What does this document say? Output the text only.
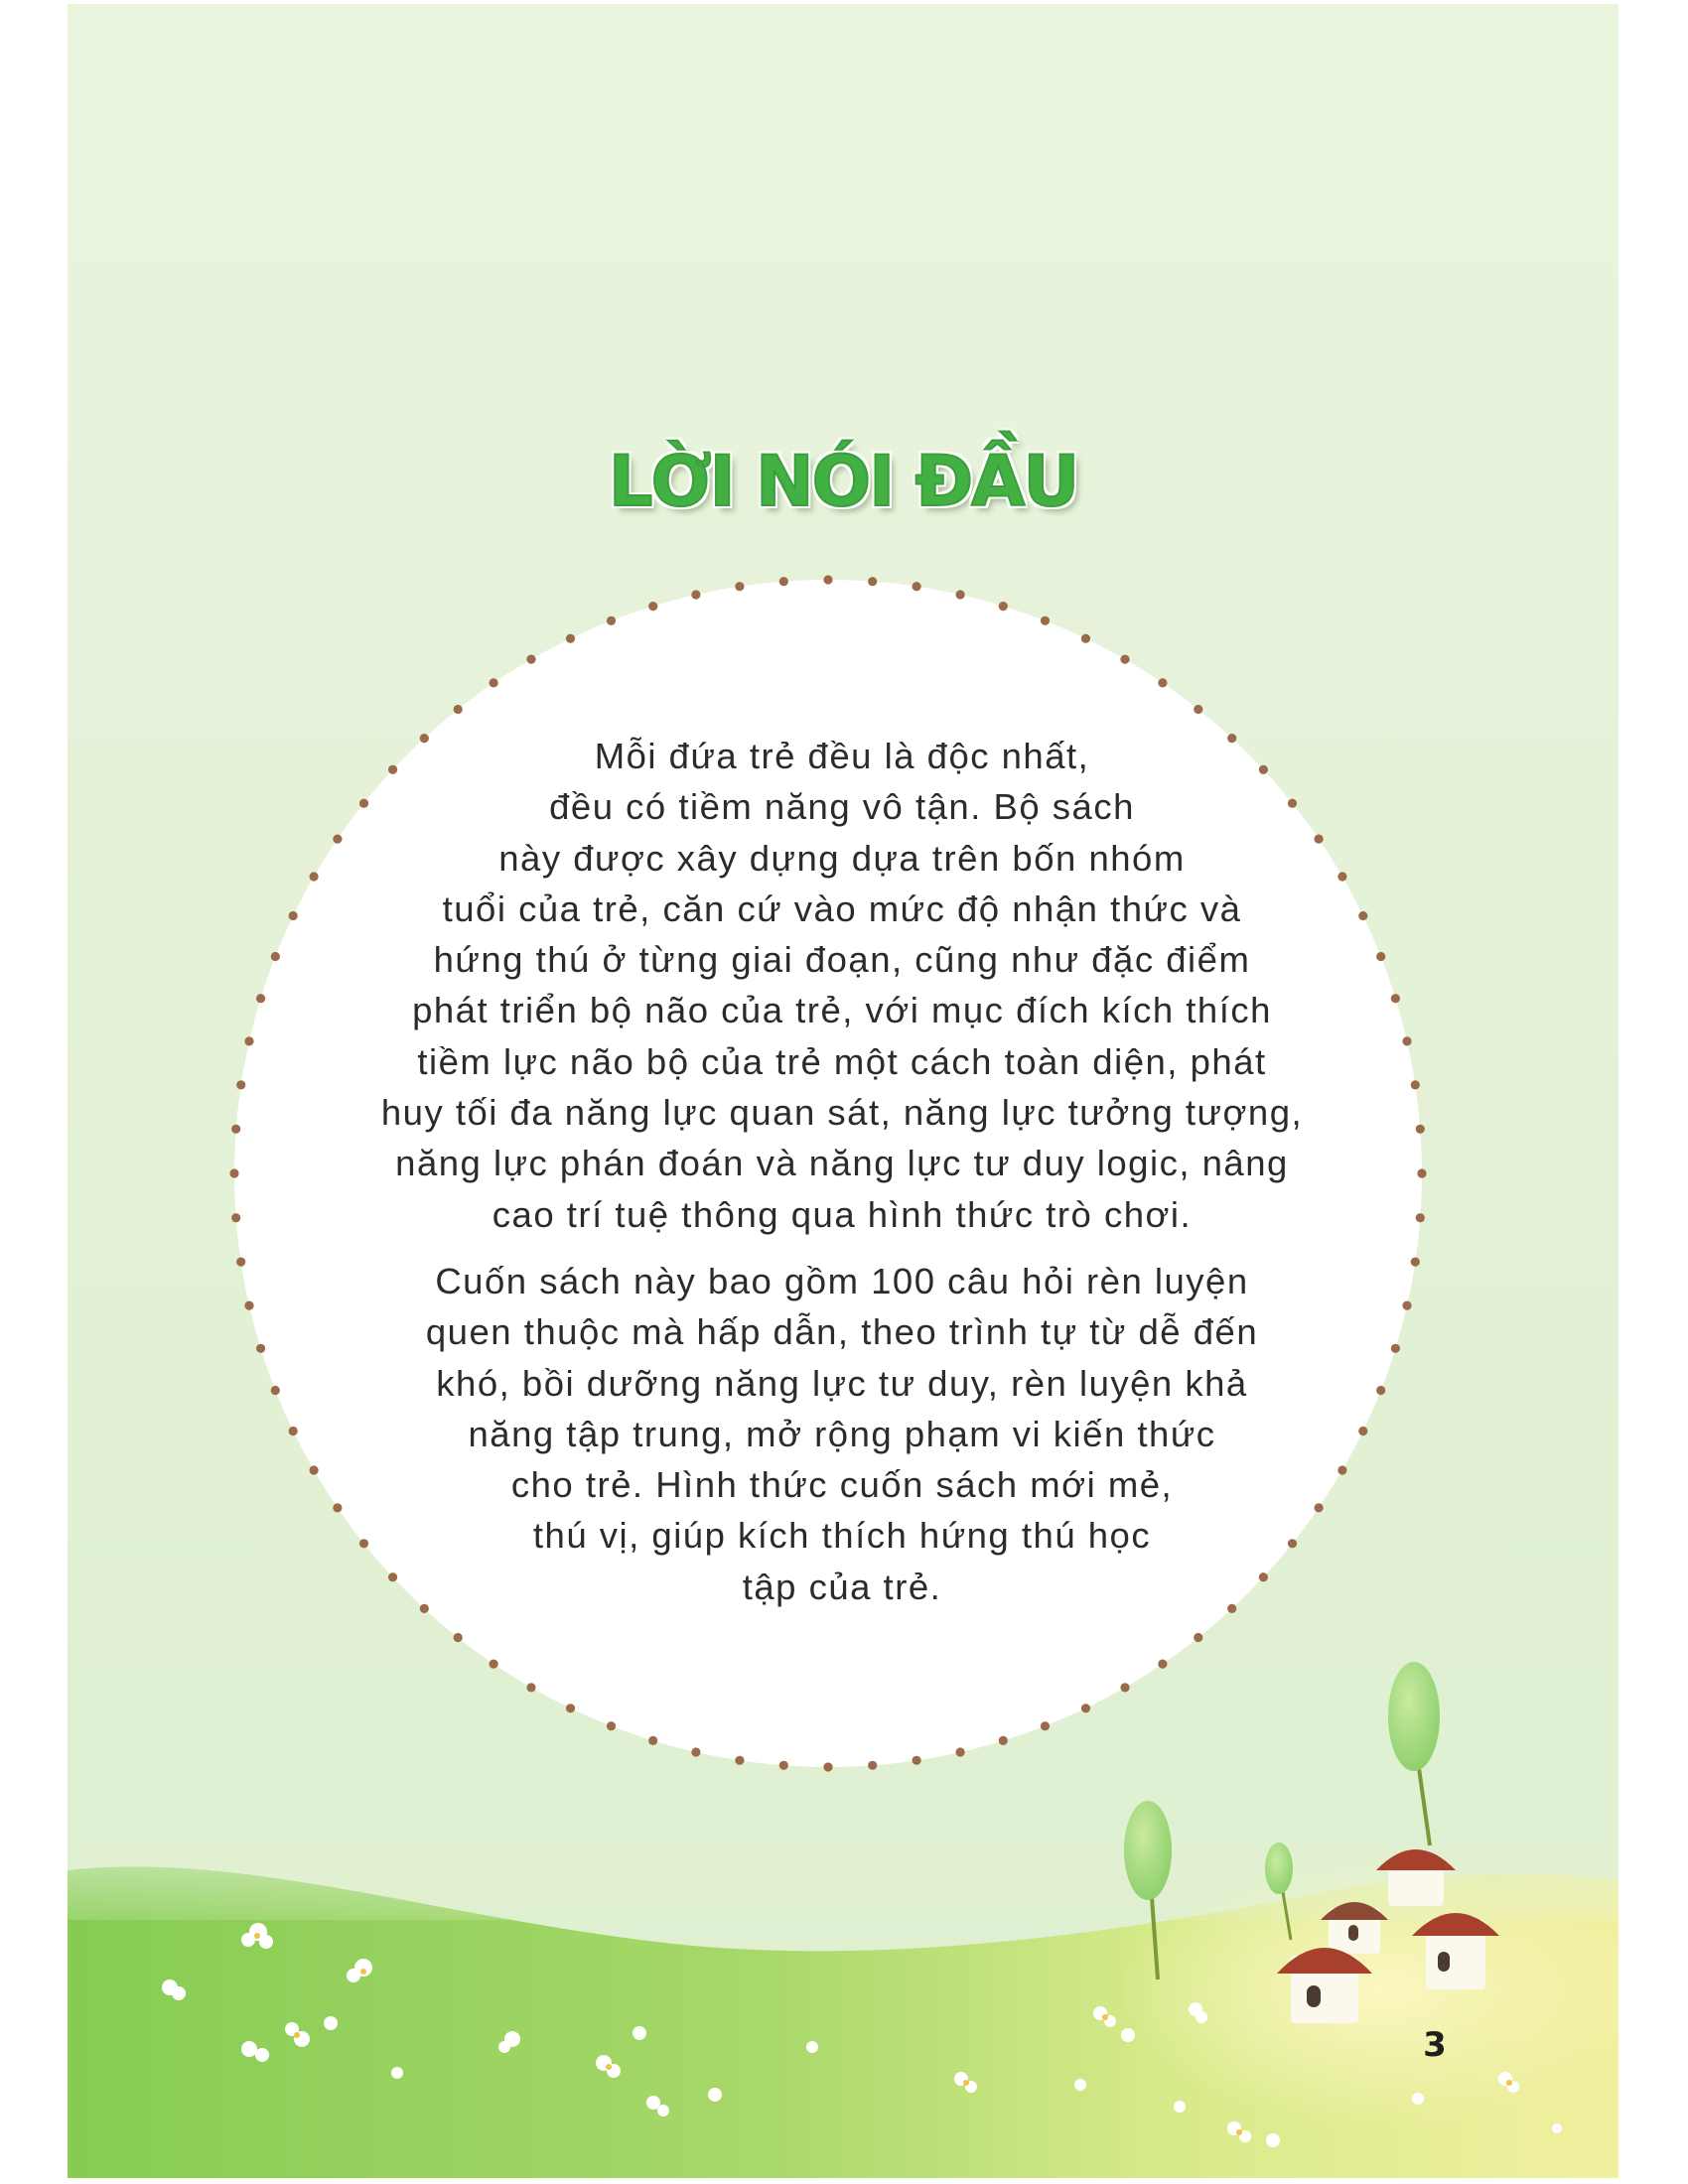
LỜI NÓI ĐẦU
Mỗi đứa trẻ đều là độc nhất,
đều có tiềm năng vô tận. Bộ sách
này được xây dựng dựa trên bốn nhóm
tuổi của trẻ, căn cứ vào mức độ nhận thức và
hứng thú ở từng giai đoạn, cũng như đặc điểm
phát triển bộ não của trẻ, với mục đích kích thích
tiềm lực não bộ của trẻ một cách toàn diện, phát
huy tối đa năng lực quan sát, năng lực tưởng tượng,
năng lực phán đoán và năng lực tư duy logic, nâng
cao trí tuệ thông qua hình thức trò chơi.
Cuốn sách này bao gồm 100 câu hỏi rèn luyện
quen thuộc mà hấp dẫn, theo trình tự từ dễ đến
khó, bồi dưỡng năng lực tư duy, rèn luyện khả
năng tập trung, mở rộng phạm vi kiến thức
cho trẻ. Hình thức cuốn sách mới mẻ,
thú vị, giúp kích thích hứng thú học
tập của trẻ.
3
